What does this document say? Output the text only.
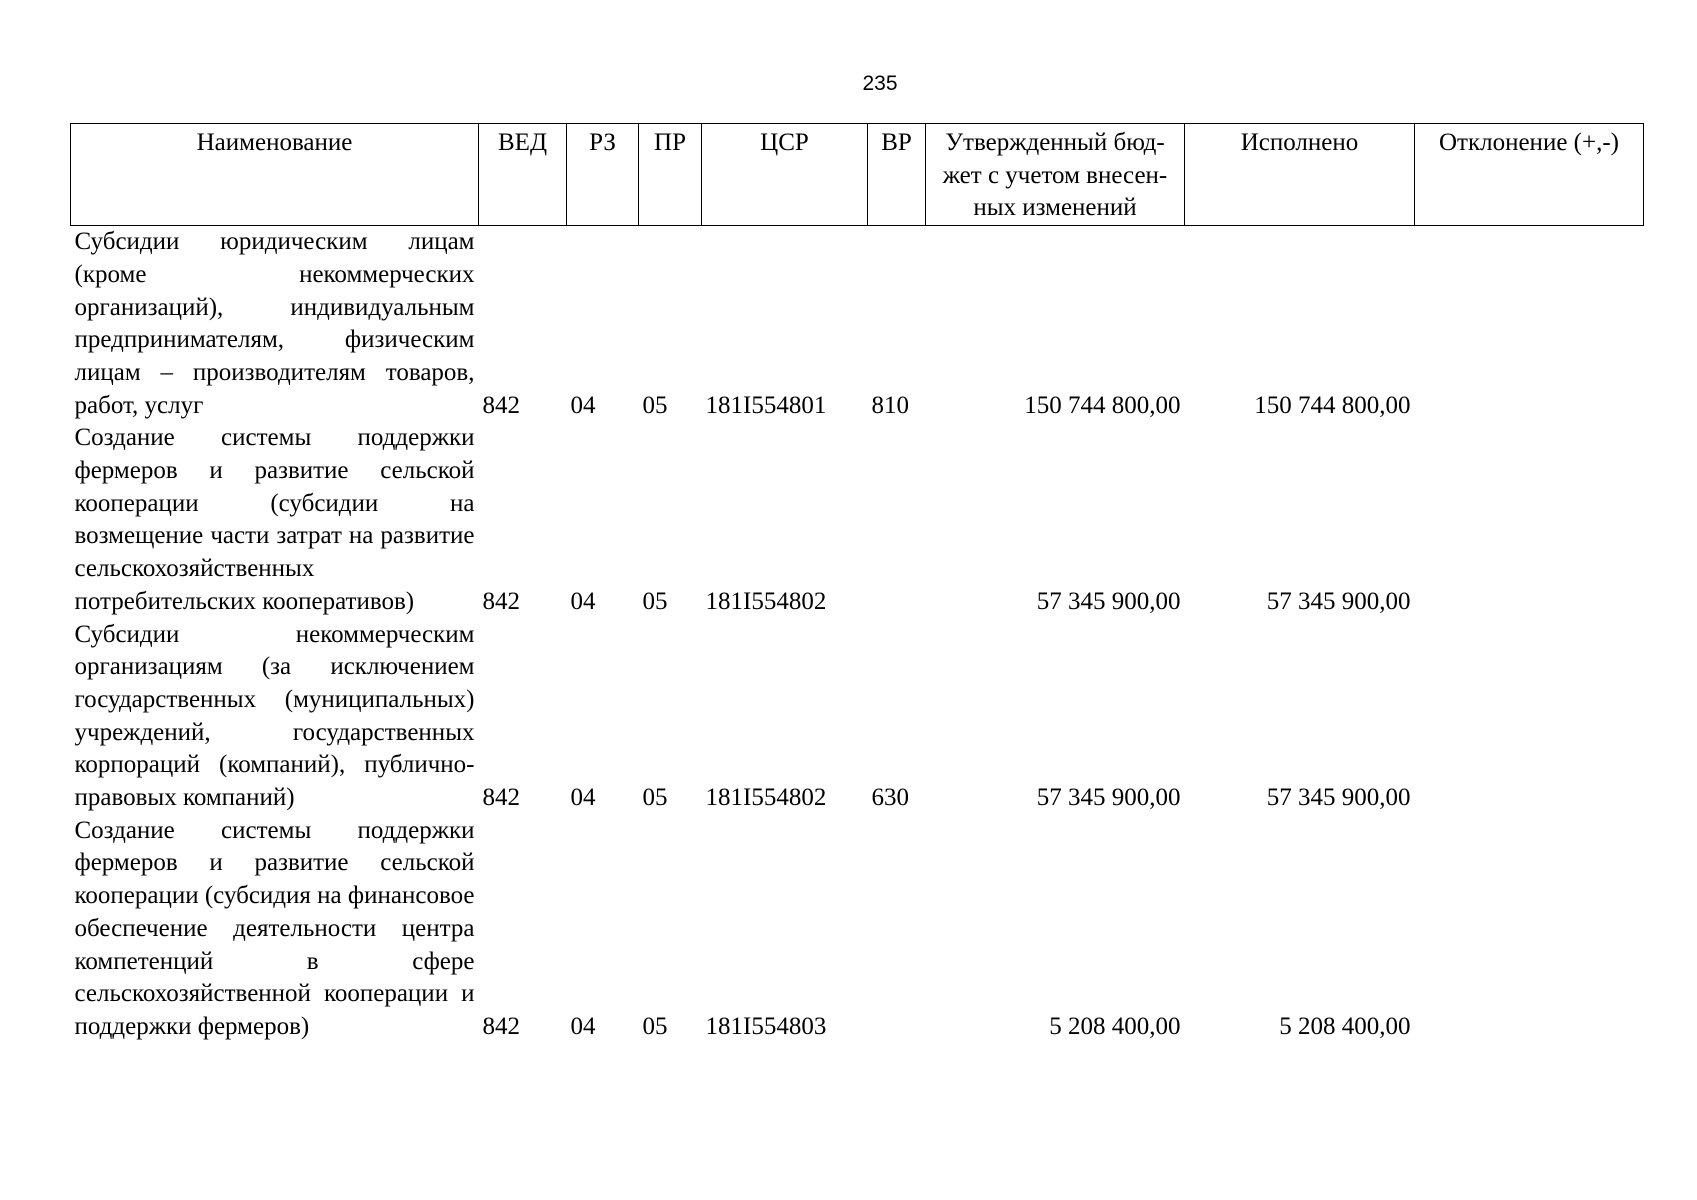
235
Наименование	ВЕД	РЗ	ПР	ЦСР	ВР	Утвержденный бюд-жет с учетом внесен-ных изменений	Исполнено	Отклонение (+,-)
Субсидии юридическим лицам (кроме некоммерческих организаций), индивидуальным предпринимателям, физическим лицам – производителям товаров, работ, услуг	842	04	05	181I554801	810	150 744 800,00	150 744 800,00	
Создание системы поддержки фермеров и развитие сельской кооперации (субсидии на возмещение части затрат на развитие сельскохозяйственных потребительских кооперативов)	842	04	05	181I554802		57 345 900,00	57 345 900,00	
Субсидии некоммерческим организациям (за исключением государственных (муниципальных) учреждений, государственных корпораций (компаний), публично-правовых компаний)	842	04	05	181I554802	630	57 345 900,00	57 345 900,00	
Создание системы поддержки фермеров и развитие сельской кооперации (субсидия на финансовое обеспечение деятельности центра компетенций в сфере сельскохозяйственной кооперации и поддержки фермеров)	842	04	05	181I554803		5 208 400,00	5 208 400,00	
